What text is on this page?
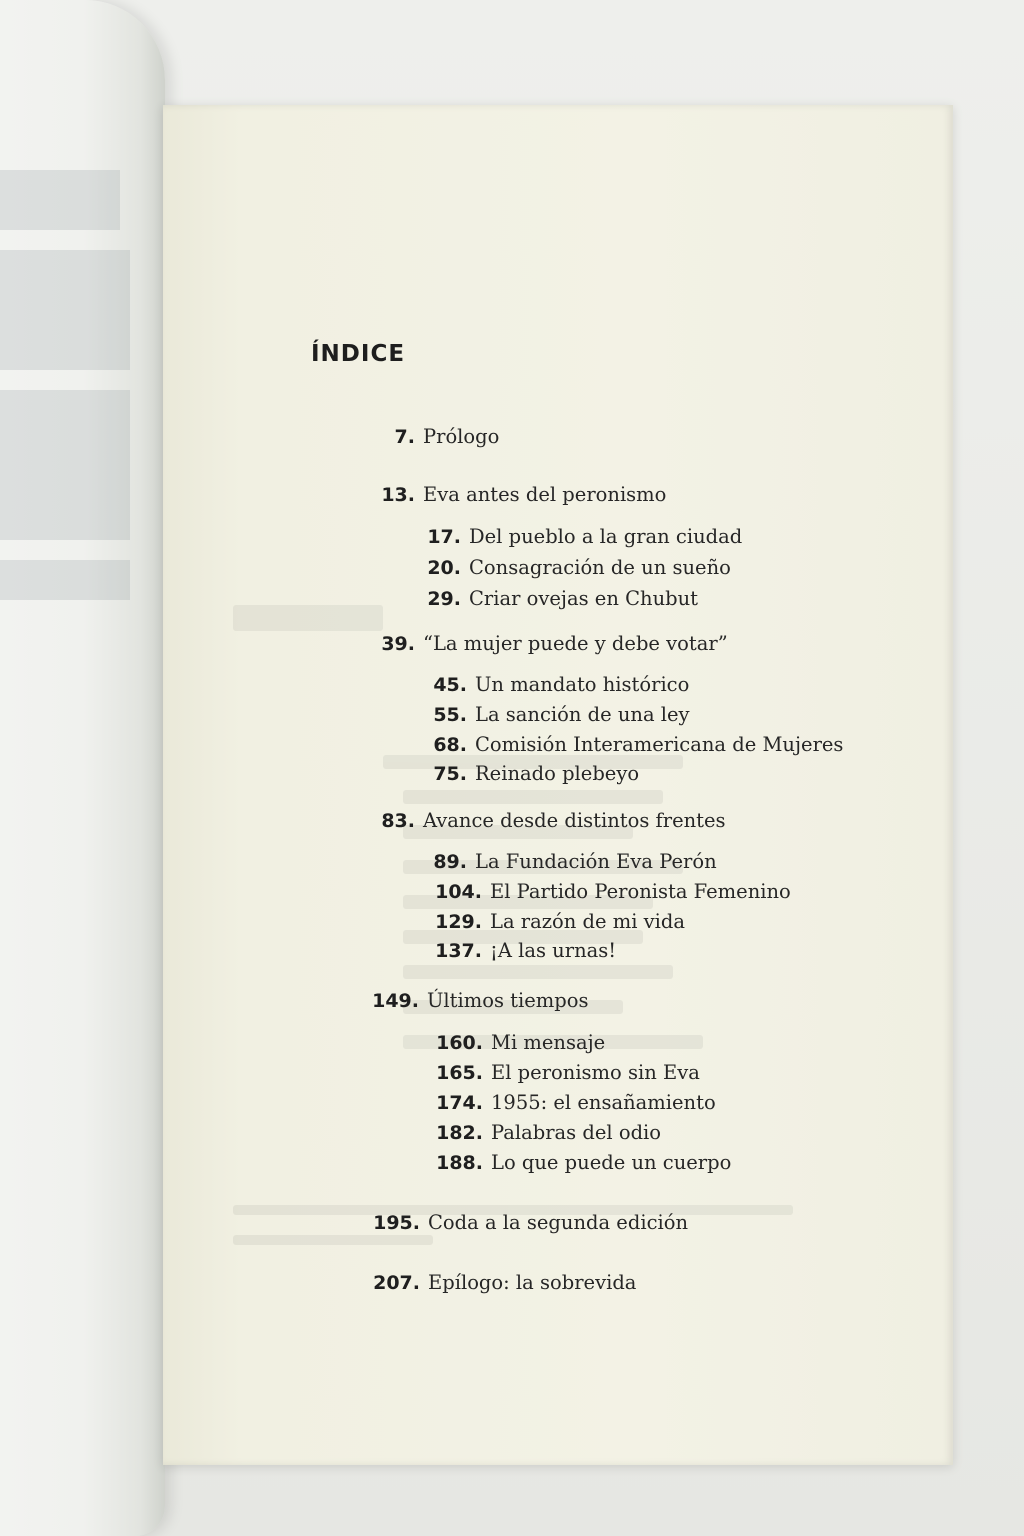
ÍNDICE

7. Prólogo

13. Eva antes del peronismo

17. Del pueblo a la gran ciudad

20. Consagración de un sueño

29. Criar ovejas en Chubut

39. “La mujer puede y debe votar”

45. Un mandato histórico

55. La sanción de una ley

68. Comisión Interamericana de Mujeres

75. Reinado plebeyo

83. Avance desde distintos frentes

89. La Fundación Eva Perón

104. El Partido Peronista Femenino

129. La razón de mi vida

137. ¡A las urnas!

149. Últimos tiempos

160. Mi mensaje

165. El peronismo sin Eva

174. 1955: el ensañamiento

182. Palabras del odio

188. Lo que puede un cuerpo

195. Coda a la segunda edición

207. Epílogo: la sobrevida
